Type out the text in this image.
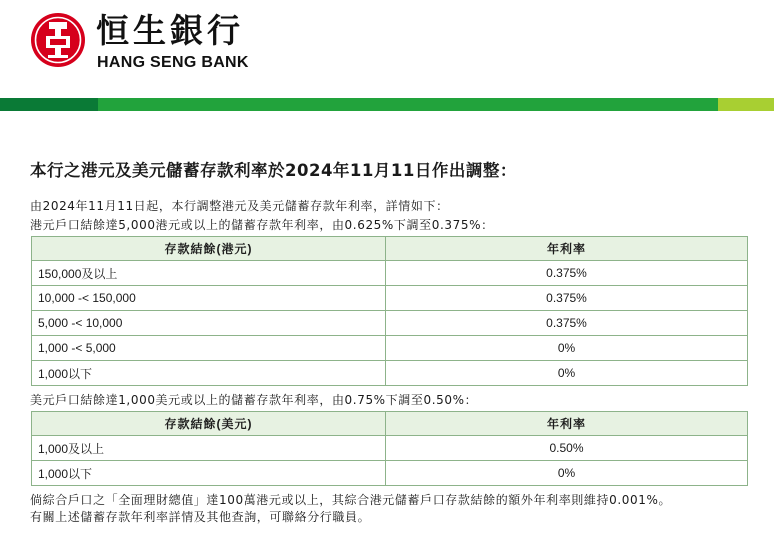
恒生銀行
HANG SENG BANK
本行之港元及美元儲蓄存款利率於2024年11月11日作出調整：

由2024年11月11日起，本行調整港元及美元儲蓄存款年利率，詳情如下：

港元戶口結餘達5,000港元或以上的儲蓄存款年利率，由0.625%下調至0.375%：

存款結餘(港元)	年利率
150,000及以上	0.375%
10,000 -< 150,000	0.375%
5,000 -< 10,000	0.375%
1,000 -< 5,000	0%
1,000以下	0%

美元戶口結餘達1,000美元或以上的儲蓄存款年利率，由0.75%下調至0.50%：

存款結餘(美元)	年利率
1,000及以上	0.50%
1,000以下	0%

倘綜合戶口之「全面理財總值」達100萬港元或以上，其綜合港元儲蓄戶口存款結餘的額外年利率則維持0.001%。

有關上述儲蓄存款年利率詳情及其他查詢，可聯絡分行職員。
